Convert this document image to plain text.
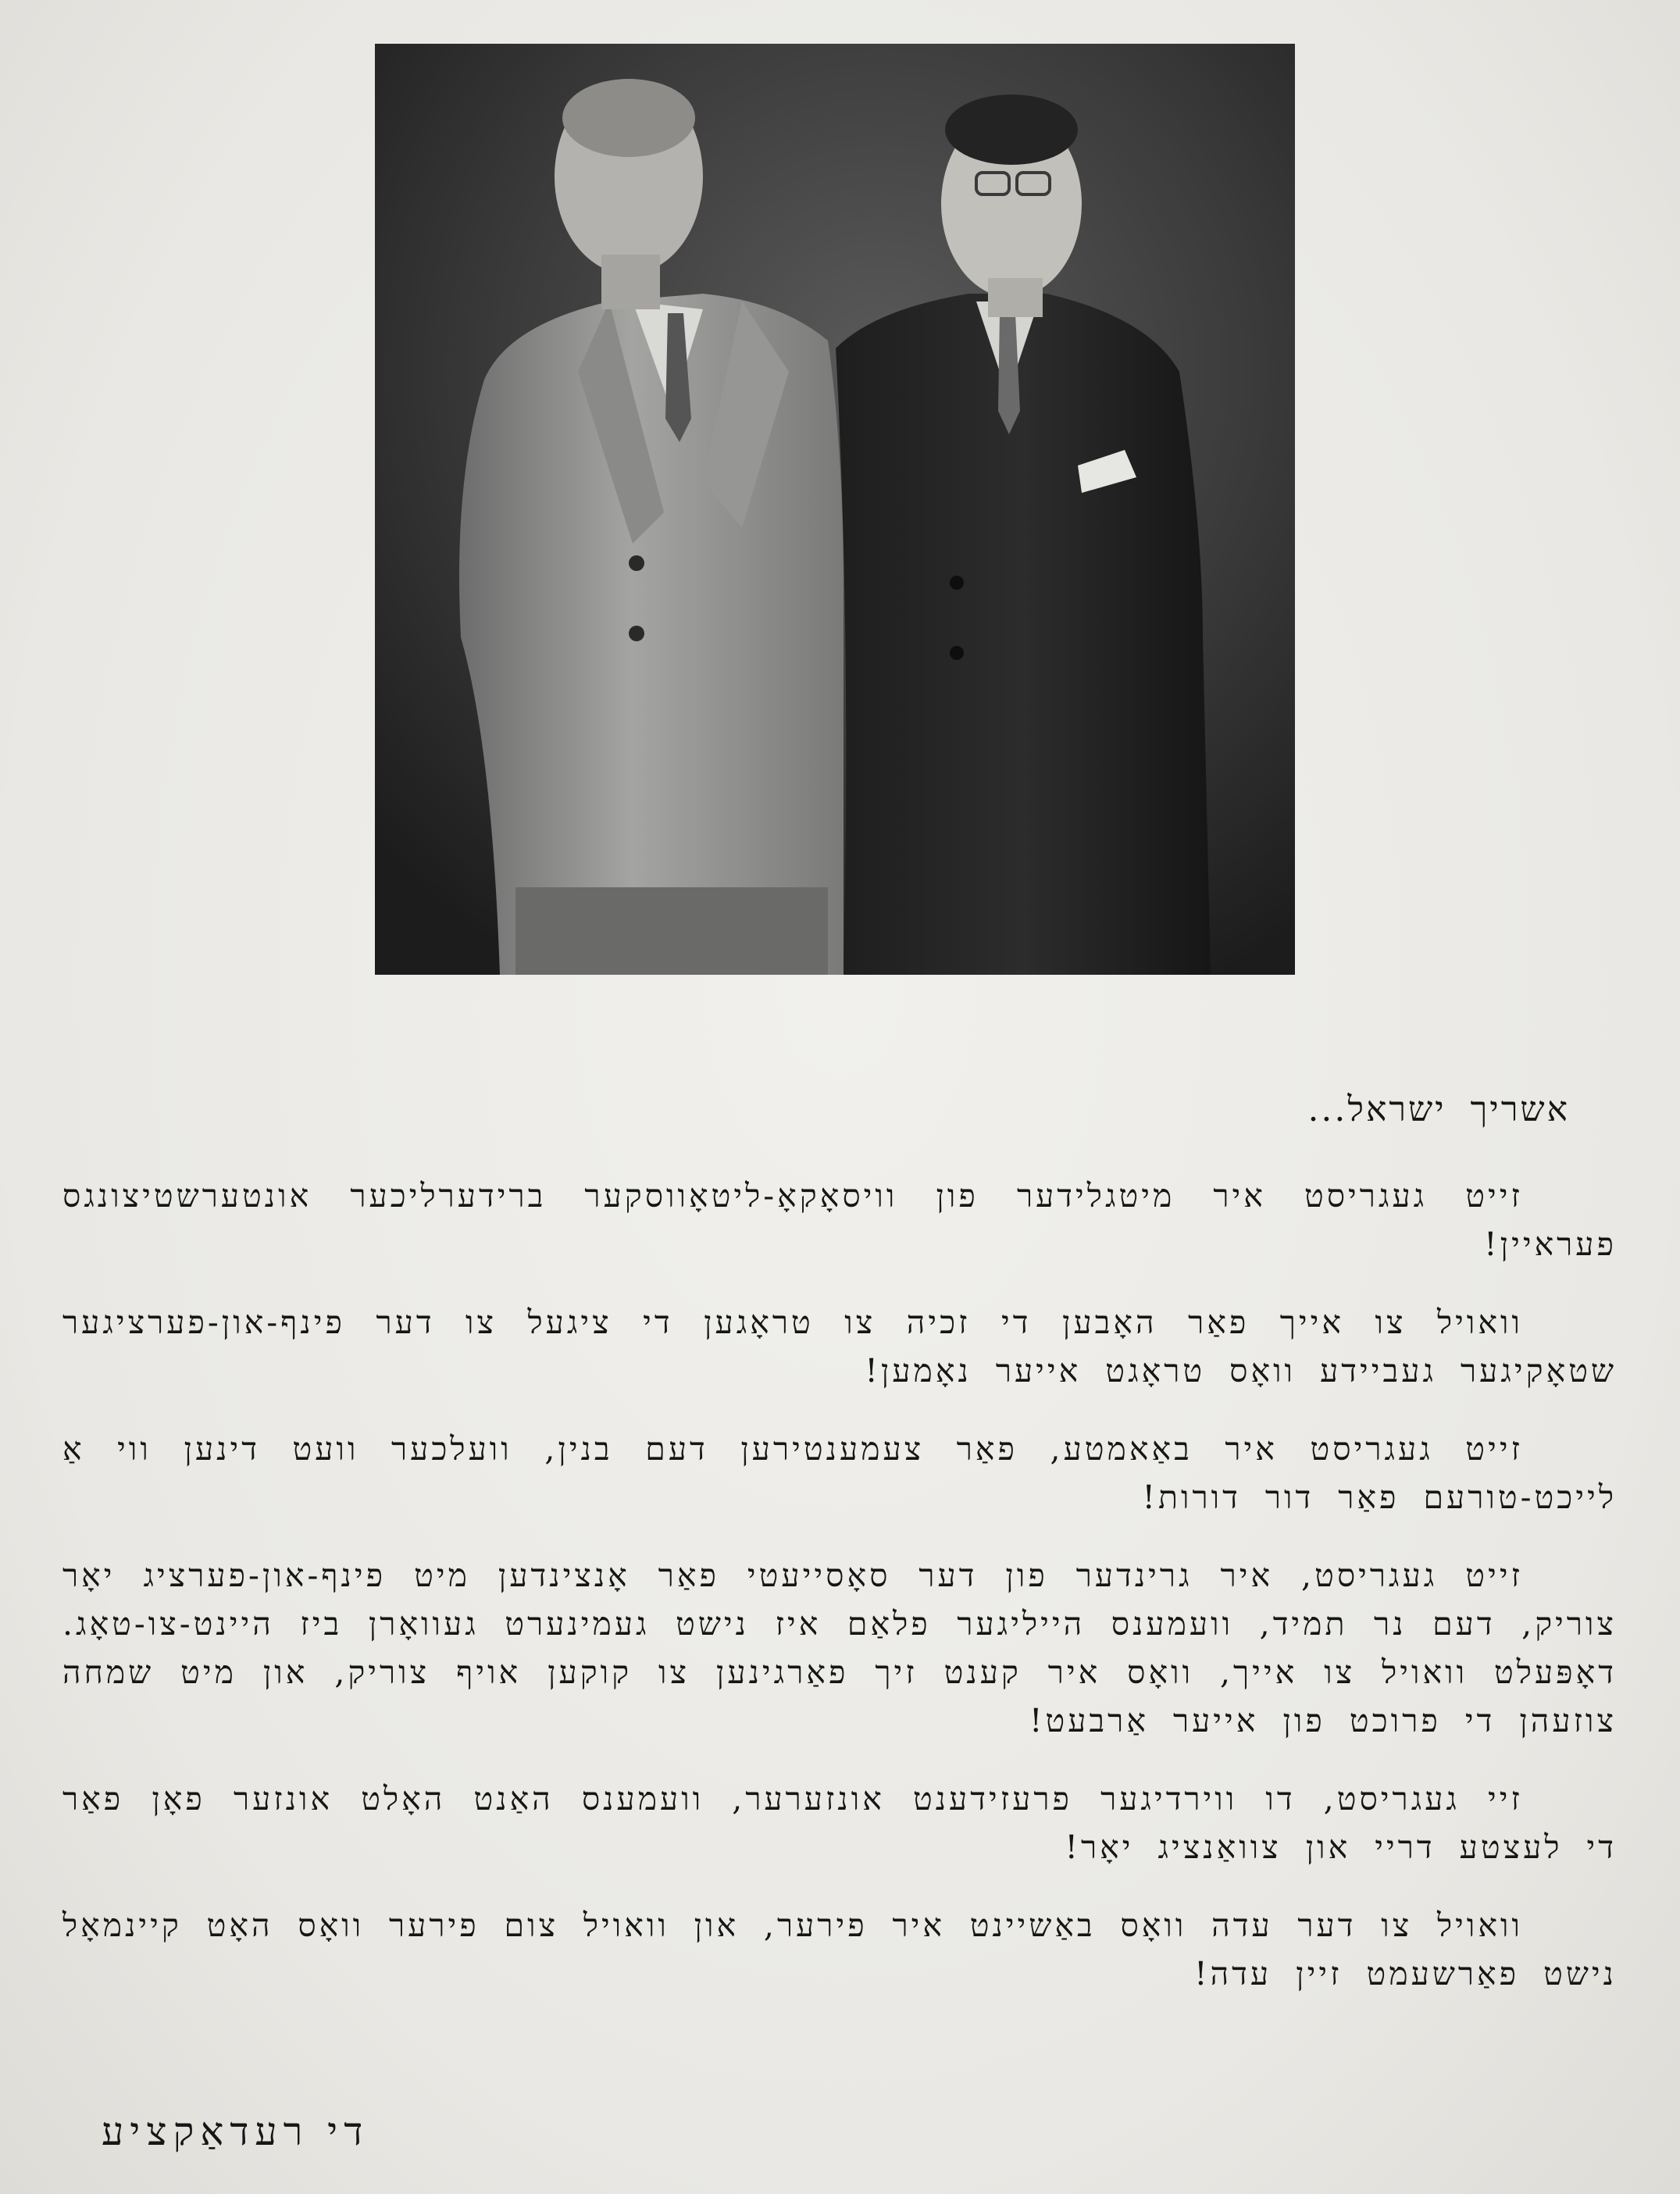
אשריך ישראל...

זייט געגריסט איר מיטגלידער פון וויסאָקאָ-ליטאָווסקער ברידערליכער אונטערשטיצונגס פעראיין!

וואויל צו אייך פאַר האָבען די זכיה צו טראָגען די ציגעל צו דער פינף-און-פערציגער שטאָקיגער געביידע וואָס טראָגט אייער נאָמען!

זייט געגריסט איר באַאמטע, פאַר צעמענטירען דעם בנין, וועלכער וועט דינען ווי אַ לייכט-טורעם פאַר דור דורות!

זייט געגריסט, איר גרינדער פון דער סאָסייעטי פאַר אָנצינדען מיט פינף-און-פערציג יאָר צוריק, דעם נר תמיד, וועמענס הייליגער פלאַם איז נישט געמינערט געוואָרן ביז היינט-צו-טאָג. דאָפּעלט וואויל צו אייך, וואָס איר קענט זיך פאַרגינען צו קוקען אויף צוריק, און מיט שמחה צוזעהן די פרוכט פון אייער אַרבעט!

זיי געגריסט, דו ווירדיגער פרעזידענט אונזערער, וועמענס האַנט האָלט אונזער פאָן פאַר די לעצטע דריי און צוואַנציג יאָר!

וואויל צו דער עדה וואָס באַשיינט איר פירער, און וואויל צום פירער וואָס האָט קיינמאָל נישט פאַרשעמט זיין עדה!

די רעדאַקציע
